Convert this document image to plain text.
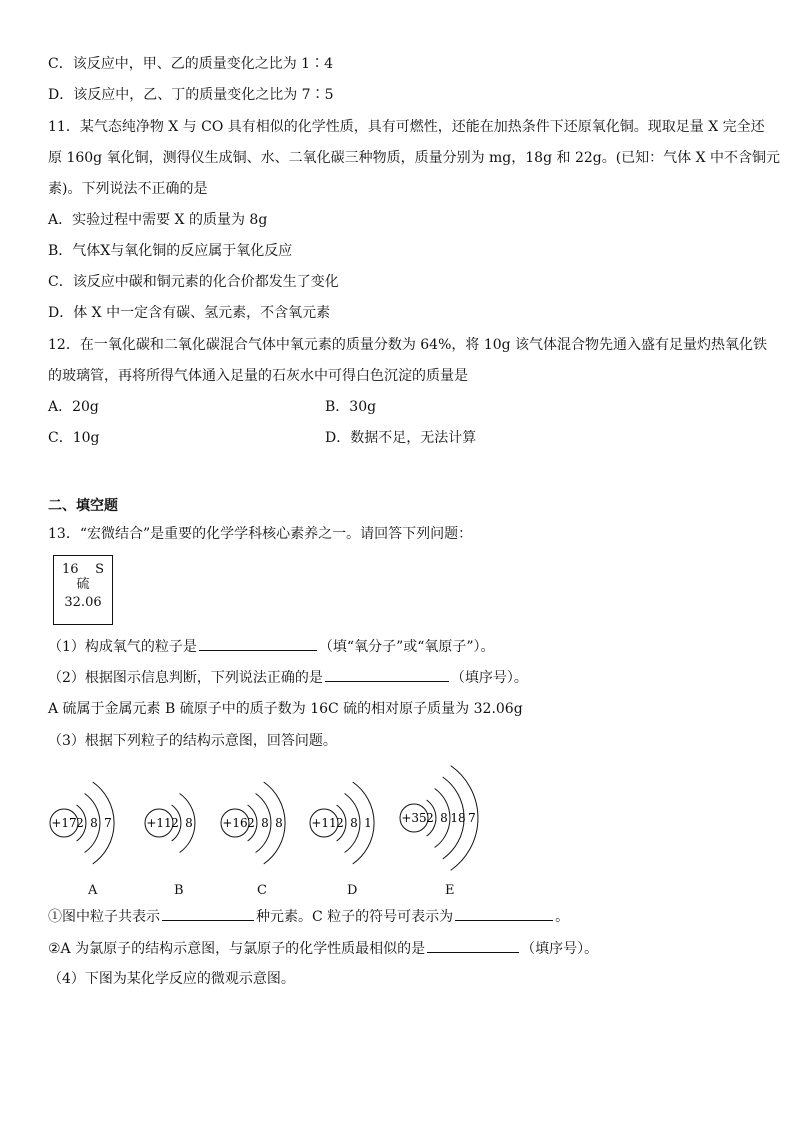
C．该反应中，甲、乙的质量变化之比为 1∶4
D．该反应中，乙、丁的质量变化之比为 7∶5
11．某气态纯净物 X 与 CO 具有相似的化学性质，具有可燃性，还能在加热条件下还原氧化铜。现取足量 X 完全还
原 160g 氧化铜，测得仪生成铜、水、二氧化碳三种物质，质量分别为 mg，18g 和 22g。(已知：气体 X 中不含铜元
素)。下列说法不正确的是
A．实验过程中需要 X 的质量为 8g
B．气体X与氧化铜的反应属于氧化反应
C．该反应中碳和铜元素的化合价都发生了变化
D．体 X 中一定含有碳、氢元素，不含氧元素
12．在一氧化碳和二氧化碳混合气体中氧元素的质量分数为 64%，将 10g 该气体混合物先通入盛有足量灼热氧化铁
的玻璃管，再将所得气体通入足量的石灰水中可得白色沉淀的质量是
A．20g	B．30g
C．10g	D．数据不足，无法计算
二、填空题
13．“宏微结合”是重要的化学学科核心素养之一。请回答下列问题：
16 S
硫
32.06
（1）构成氧气的粒子是	（填“氧分子”或“氧原子”）。
（2）根据图示信息判断，下列说法正确的是	（填序号）。
A 硫属于金属元素 B 硫原子中的质子数为 16C 硫的相对原子质量为 32.06g
（3）根据下列粒子的结构示意图，回答问题。
+17 2 8 7	+11 2 8 +16 2 8 8 +11 2 8 1 +35 2 8 18 7
A	B	C	D	E
①图中粒子共表示	种元素。C 粒子的符号可表示为	。
②A 为氯原子的结构示意图，与氯原子的化学性质最相似的是	（填序号）。
（4）下图为某化学反应的微观示意图。
